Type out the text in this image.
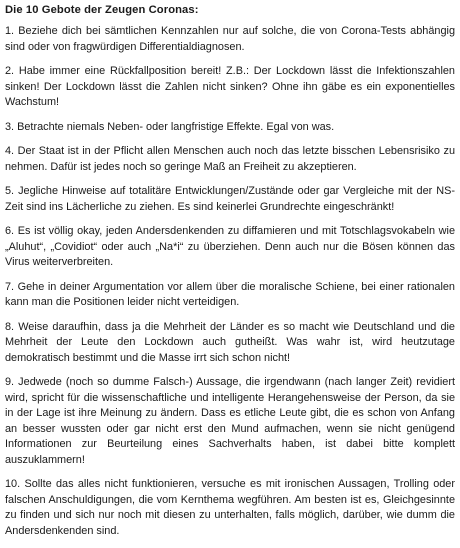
Die 10 Gebote der Zeugen Coronas:

1. Beziehe dich bei sämtlichen Kennzahlen nur auf solche, die von Corona-Tests abhängig sind oder von fragwürdigen Differentialdiagnosen.

2. Habe immer eine Rückfallposition bereit! Z.B.: Der Lockdown lässt die Infektionszahlen sinken! Der Lockdown lässt die Zahlen nicht sinken? Ohne ihn gäbe es ein exponentielles Wachstum!

3. Betrachte niemals Neben- oder langfristige Effekte. Egal von was.

4. Der Staat ist in der Pflicht allen Menschen auch noch das letzte bisschen Lebensrisiko zu nehmen. Dafür ist jedes noch so geringe Maß an Freiheit zu akzeptieren.

5. Jegliche Hinweise auf totalitäre Entwicklungen/Zustände oder gar Vergleiche mit der NS-Zeit sind ins Lächerliche zu ziehen. Es sind keinerlei Grundrechte eingeschränkt!

6. Es ist völlig okay, jeden Andersdenkenden zu diffamieren und mit Totschlagsvokabeln wie „Aluhut“, „Covidiot“ oder auch „Na*i“ zu überziehen. Denn auch nur die Bösen können das Virus weiterverbreiten.

7. Gehe in deiner Argumentation vor allem über die moralische Schiene, bei einer rationalen kann man die Positionen leider nicht verteidigen.

8. Weise daraufhin, dass ja die Mehrheit der Länder es so macht wie Deutschland und die Mehrheit der Leute den Lockdown auch gutheißt. Was wahr ist, wird heutzutage demokratisch bestimmt und die Masse irrt sich schon nicht!

9. Jedwede (noch so dumme Falsch-) Aussage, die irgendwann (nach langer Zeit) revidiert wird, spricht für die wissenschaftliche und intelligente Herangehensweise der Person, da sie in der Lage ist ihre Meinung zu ändern. Dass es etliche Leute gibt, die es schon von Anfang an besser wussten oder gar nicht erst den Mund aufmachen, wenn sie nicht genügend Informationen zur Beurteilung eines Sachverhalts haben, ist dabei bitte komplett auszuklammern!

10. Sollte das alles nicht funktionieren, versuche es mit ironischen Aussagen, Trolling oder falschen Anschuldigungen, die vom Kernthema wegführen. Am besten ist es, Gleichgesinnte zu finden und sich nur noch mit diesen zu unterhalten, falls möglich, darüber, wie dumm die Andersdenkenden sind.
